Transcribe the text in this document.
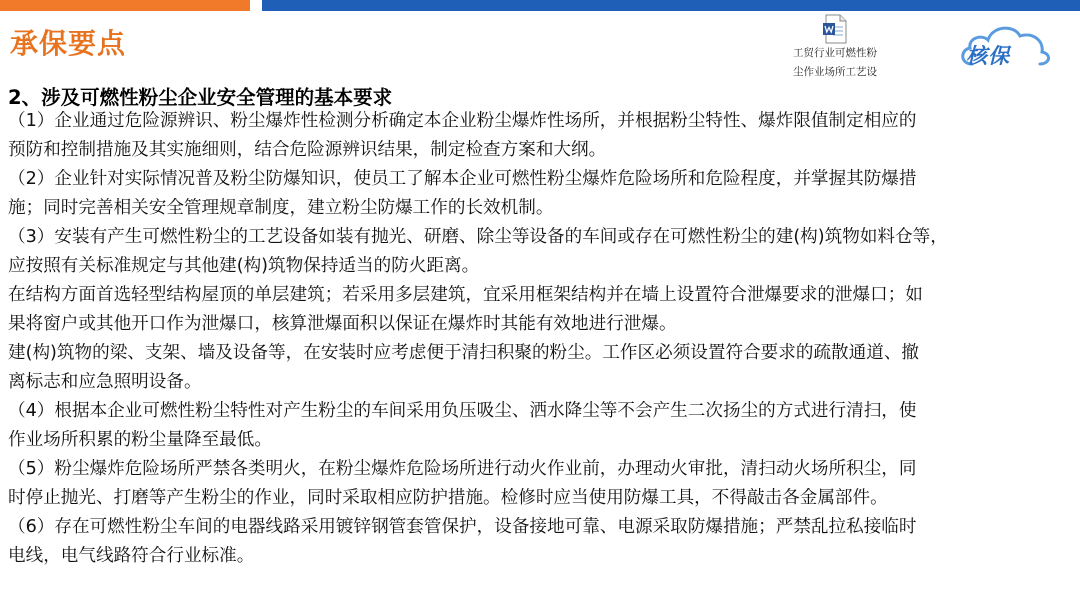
承保要点	工贸行业可燃性粉
尘作业场所工艺设
核保
2、涉及可燃性粉尘企业安全管理的基本要求
（1）企业通过危险源辨识、粉尘爆炸性检测分析确定本企业粉尘爆炸性场所，并根据粉尘特性、爆炸限值制定相应的
预防和控制措施及其实施细则，结合危险源辨识结果，制定检查方案和大纲。
（2）企业针对实际情况普及粉尘防爆知识，使员工了解本企业可燃性粉尘爆炸危险场所和危险程度，并掌握其防爆措
施；同时完善相关安全管理规章制度，建立粉尘防爆工作的长效机制。
（3）安装有产生可燃性粉尘的工艺设备如装有抛光、研磨、除尘等设备的车间或存在可燃性粉尘的建(构)筑物如料仓等，
应按照有关标准规定与其他建(构)筑物保持适当的防火距离。
在结构方面首选轻型结构屋顶的单层建筑；若采用多层建筑，宜采用框架结构并在墙上设置符合泄爆要求的泄爆口；如
果将窗户或其他开口作为泄爆口，核算泄爆面积以保证在爆炸时其能有效地进行泄爆。
建(构)筑物的梁、支架、墙及设备等，在安装时应考虑便于清扫积聚的粉尘。工作区必须设置符合要求的疏散通道、撤
离标志和应急照明设备。
（4）根据本企业可燃性粉尘特性对产生粉尘的车间采用负压吸尘、洒水降尘等不会产生二次扬尘的方式进行清扫，使
作业场所积累的粉尘量降至最低。
（5）粉尘爆炸危险场所严禁各类明火，在粉尘爆炸危险场所进行动火作业前，办理动火审批，清扫动火场所积尘，同
时停止抛光、打磨等产生粉尘的作业，同时采取相应防护措施。检修时应当使用防爆工具，不得敲击各金属部件。
（6）存在可燃性粉尘车间的电器线路采用镀锌钢管套管保护，设备接地可靠、电源采取防爆措施；严禁乱拉私接临时
电线，电气线路符合行业标准。
